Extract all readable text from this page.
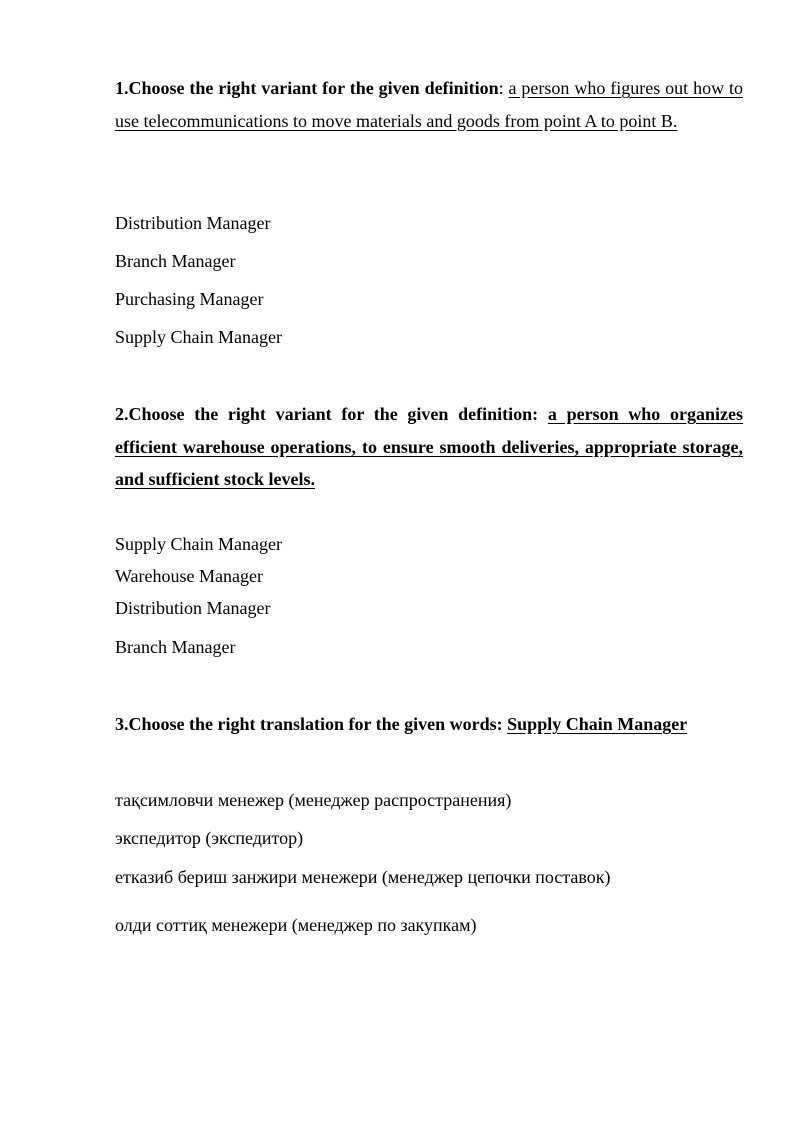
1.Choose the right variant for the given definition: a person who figures out how to use telecommunications to move materials and goods from point A to point B.
Distribution Manager
Branch Manager
Purchasing Manager
Supply Chain Manager
2.Choose the right variant for the given definition: a person who organizes efficient warehouse operations, to ensure smooth deliveries, appropriate storage, and sufficient stock levels.
Supply Chain Manager
Warehouse Manager
Distribution Manager
Branch Manager
3.Choose the right translation for the given words: Supply Chain Manager
тақсимловчи менежер (менеджер распространения)
экспедитор (экспедитор)
етказиб бериш занжири менежери (менеджер цепочки поставок)
олди соттиқ менежери (менеджер по закупкам)
